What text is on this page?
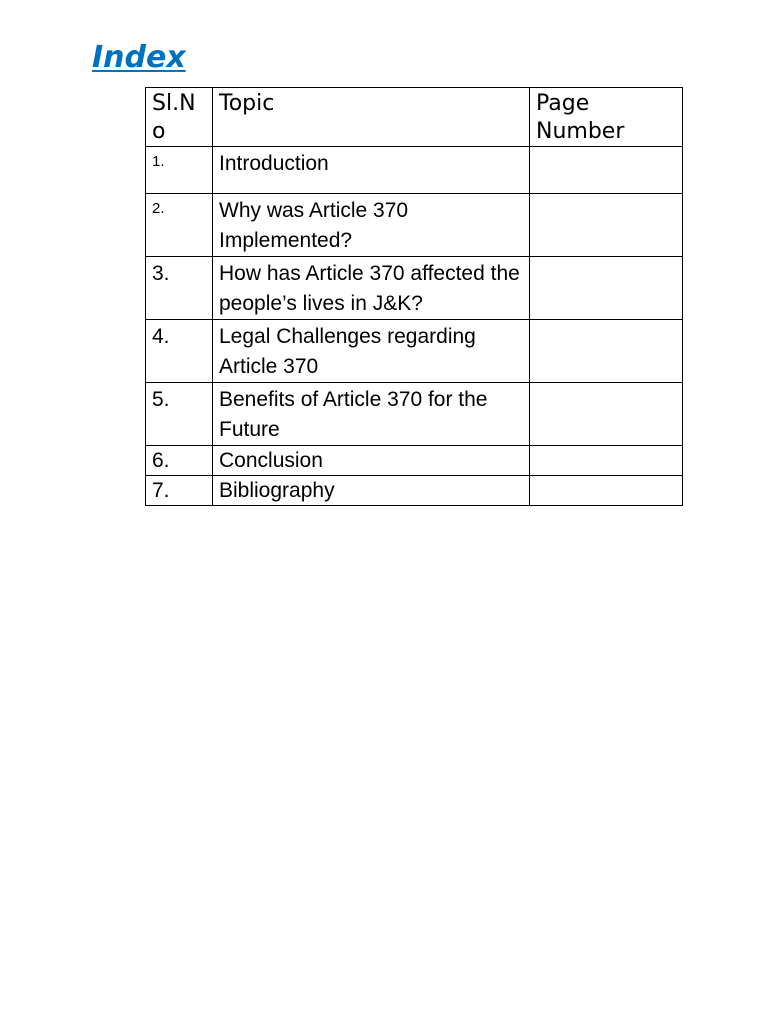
Index
Sl.No	Topic	Page Number
1.	Introduction	
2.	Why was Article 370 Implemented?	
3.	How has Article 370 affected the people’s lives in J&K?	
4.	Legal Challenges regarding Article 370	
5.	Benefits of Article 370 for the Future	
6.	Conclusion	
7.	Bibliography	
